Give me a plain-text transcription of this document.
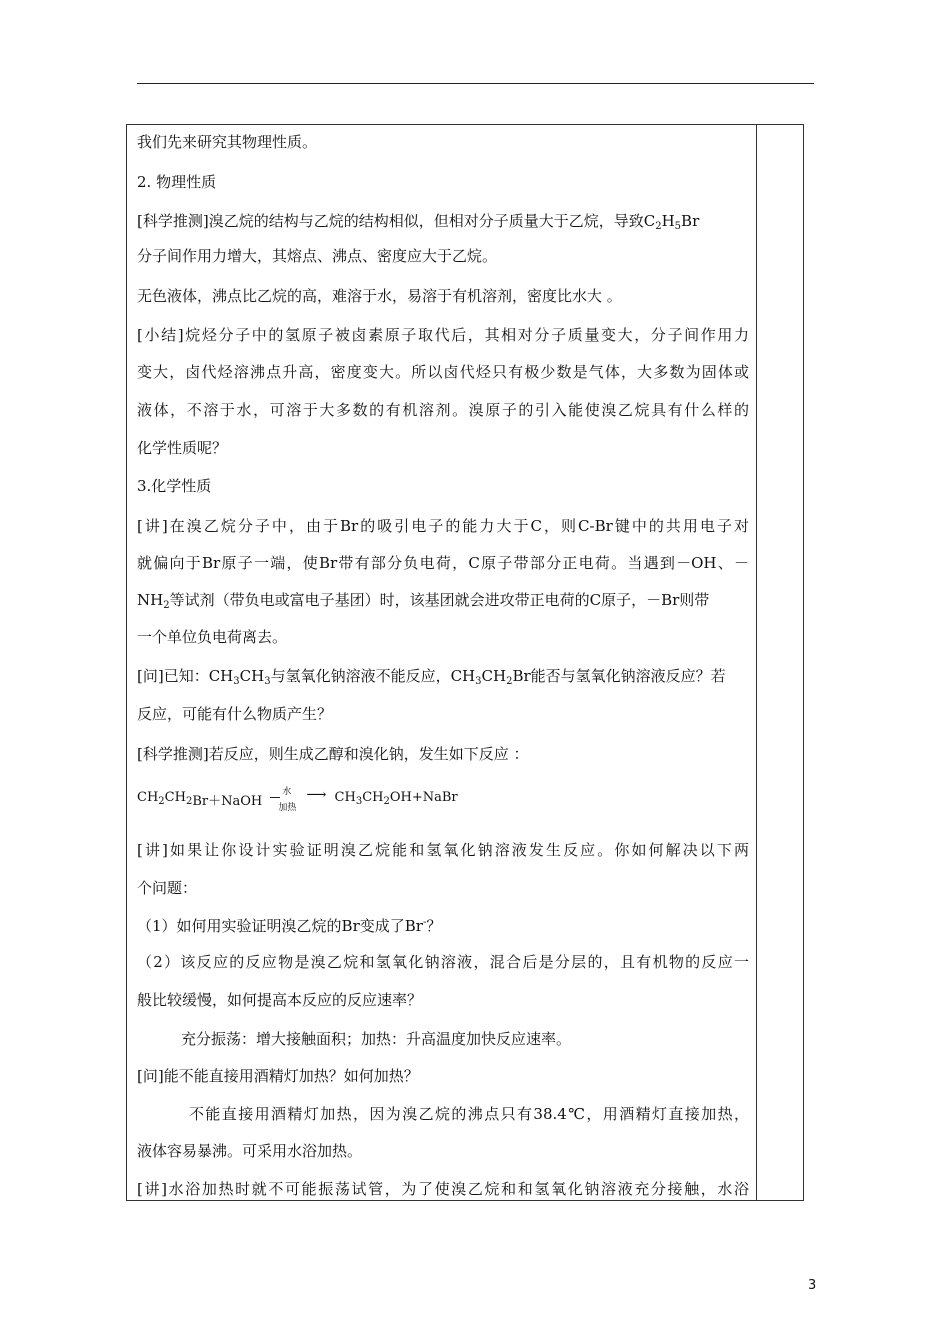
我们先来研究其物理性质。
2. 物理性质
[科学推测]溴乙烷的结构与乙烷的结构相似，但相对分子质量大于乙烷，导致$C_2H_5Br$
分子间作用力增大，其熔点、沸点、密度应大于乙烷。
无色液体，沸点比乙烷的高，难溶于水，易溶于有机溶剂，密度比水大 。
[小结]烷烃分子中的氢原子被卤素原子取代后，其相对分子质量变大，分子间作用力
变大，卤代烃溶沸点升高，密度变大。所以卤代烃只有极少数是气体，大多数为固体或
液体，不溶于水，可溶于大多数的有机溶剂。溴原子的引入能使溴乙烷具有什么样的
化学性质呢？
3.化学性质
[讲]在溴乙烷分子中，由于Br的吸引电子的能力大于C，则C-Br键中的共用电子对
就偏向于Br原子一端，使Br带有部分负电荷，C原子带部分正电荷。当遇到－OH、－
$NH_2$等试剂（带负电或富电子基团）时，该基团就会进攻带正电荷的C原子，－Br则带
一个单位负电荷离去。
[问]已知：$CH_3CH_3$与氢氧化钠溶液不能反应，$CH_3CH_2Br$能否与氢氧化钠溶液反应？若
反应，可能有什么物质产生？
[科学推测]若反应，则生成乙醇和溴化钠，发生如下反应 ：
$CH_2CH_2Br+NaOH$
水
加热
⟶ $CH_3CH_2OH+NaBr$
[讲]如果让你设计实验证明溴乙烷能和氢氧化钠溶液发生反应。你如何解决以下两
个问题：
（1）如何用实验证明溴乙烷的Br变成了Br-？
（2）该反应的反应物是溴乙烷和氢氧化钠溶液，混合后是分层的，且有机物的反应一
般比较缓慢，如何提高本反应的反应速率？
充分振荡：增大接触面积；加热：升高温度加快反应速率。
[问]能不能直接用酒精灯加热？如何加热？
不能直接用酒精灯加热，因为溴乙烷的沸点只有38.4℃，用酒精灯直接加热，
液体容易暴沸。可采用水浴加热。
[讲]水浴加热时就不可能振荡试管，为了使溴乙烷和和氢氧化钠溶液充分接触，水浴
3
